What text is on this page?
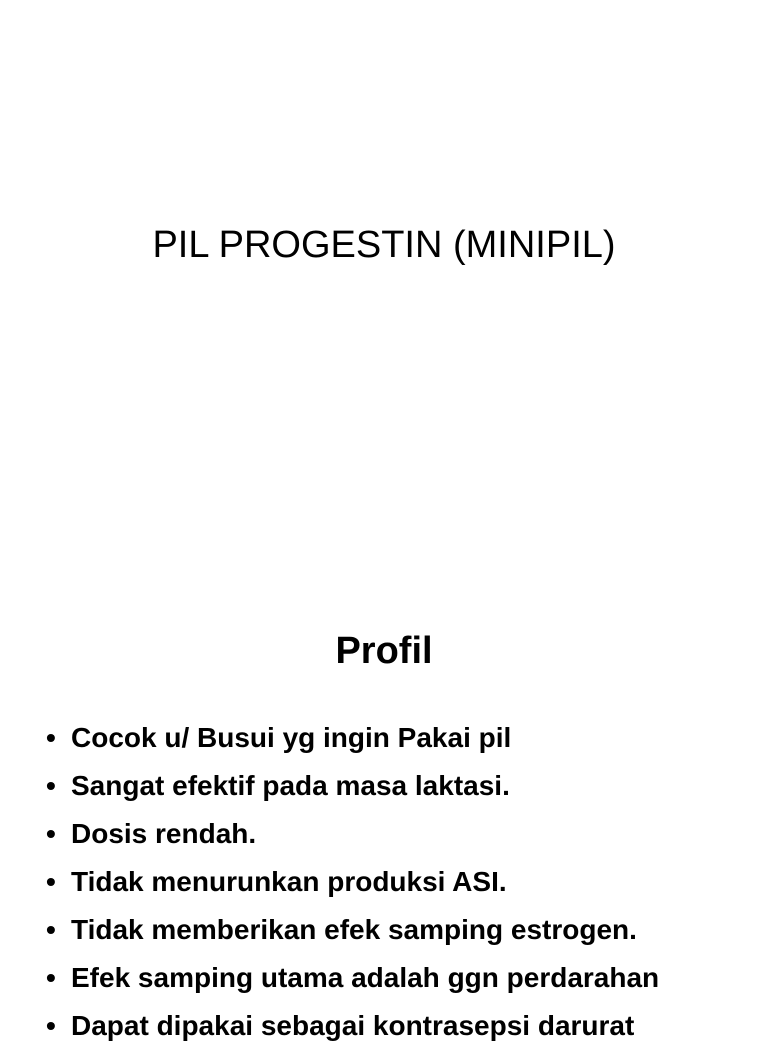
PIL PROGESTIN (MINIPIL)
Profil
• Cocok u/ Busui yg ingin Pakai pil
• Sangat efektif pada masa laktasi.
• Dosis rendah.
• Tidak menurunkan produksi ASI.
• Tidak memberikan efek samping estrogen.
• Efek samping utama adalah ggn perdarahan
• Dapat dipakai sebagai kontrasepsi darurat
